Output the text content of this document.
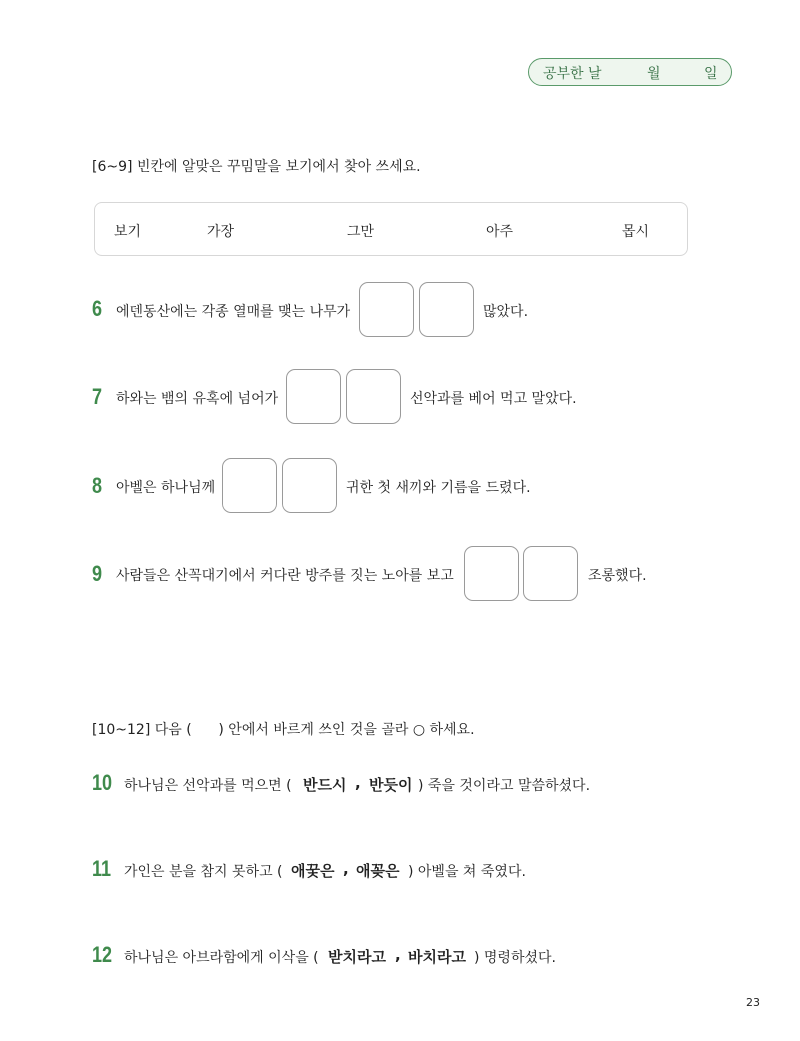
공부한 날	월	일
[6~9] 빈칸에 알맞은 꾸밈말을 보기에서 찾아 쓰세요.
보기	가장	그만	아주	몹시
6 에덴동산에는 각종 열매를 맺는 나무가	많았다.
7 하와는 뱀의 유혹에 넘어가	선악과를 베어 먹고 말았다.
8 아벨은 하나님께	귀한 첫 새끼와 기름을 드렸다.
9 사람들은 산꼭대기에서 커다란 방주를 짓는 노아를 보고	조롱했다.
[10~12] 다음 (      ) 안에서 바르게 쓰인 것을 골라 ○ 하세요.
10 하나님은 선악과를 먹으면 ( 반드시 , 반듯이 ) 죽을 것이라고 말씀하셨다.
11 가인은 분을 참지 못하고 ( 애꿎은 , 애꽂은 ) 아벨을 쳐 죽였다.
12 하나님은 아브라함에게 이삭을 ( 받치라고 , 바치라고 ) 명령하셨다.
23
